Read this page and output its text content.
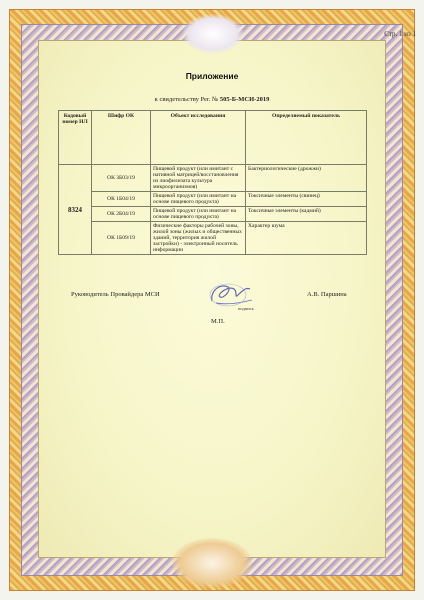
Стр. 1 из 1
Приложение
к свидетельству Рег. № 505-Б-МСИ-2019
Кодовый номер НЛ	Шифр ОК	Объект исследования	Определяемый показатель
8324	ОК 3Б03/19	Пищевой продукт (или имитант с нативной матрицей/восстановления из лиофилизата культура микроорганизмов)	Бактериологические (дрожжи)
	ОК 1Б04/19	Пищевой продукт (или имитант на основе пищевого продукта)	Токсичные элементы (свинец)
	ОК 2Б04/19	Пищевой продукт (или имитант на основе пищевого продукта)	Токсичные элементы (кадмий)
	ОК 1Б09/19	Физические факторы рабочей зоны, жилой зоны (жилых и общественных зданий, территория жилой застройки) - электронный носитель информации	Характер шума
Руководитель Провайдера МСИ
подпись
А.В. Паршина
М.П.
